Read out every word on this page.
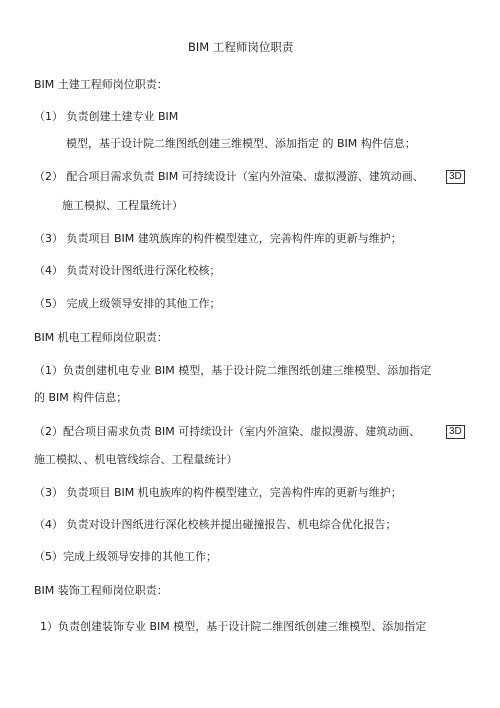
BIM 工程师岗位职责
BIM 土建工程师岗位职责：
（1） 负责创建土建专业 BIM
模型，基于设计院二维图纸创建三维模型、添加指定 的 BIM 构件信息；
（2） 配合项目需求负责 BIM 可持续设计（室内外渲染、虚拟漫游、建筑动画、	3D
施工模拟、工程量统计）
（3） 负责项目 BIM 建筑族库的构件模型建立，完善构件库的更新与维护；
（4） 负责对设计图纸进行深化校核；
（5） 完成上级领导安排的其他工作；
BIM 机电工程师岗位职责：
（1）负责创建机电专业 BIM 模型，基于设计院二维图纸创建三维模型、添加指定
的 BIM 构件信息；
（2）配合项目需求负责 BIM 可持续设计（室内外渲染、虚拟漫游、建筑动画、	3D
施工模拟、、机电管线综合、工程量统计）
（3） 负责项目 BIM 机电族库的构件模型建立，完善构件库的更新与维护；
（4） 负责对设计图纸进行深化校核并提出碰撞报告、机电综合优化报告；
（5）完成上级领导安排的其他工作；
BIM 装饰工程师岗位职责：
1）负责创建装饰专业 BIM 模型，基于设计院二维图纸创建三维模型、添加指定
